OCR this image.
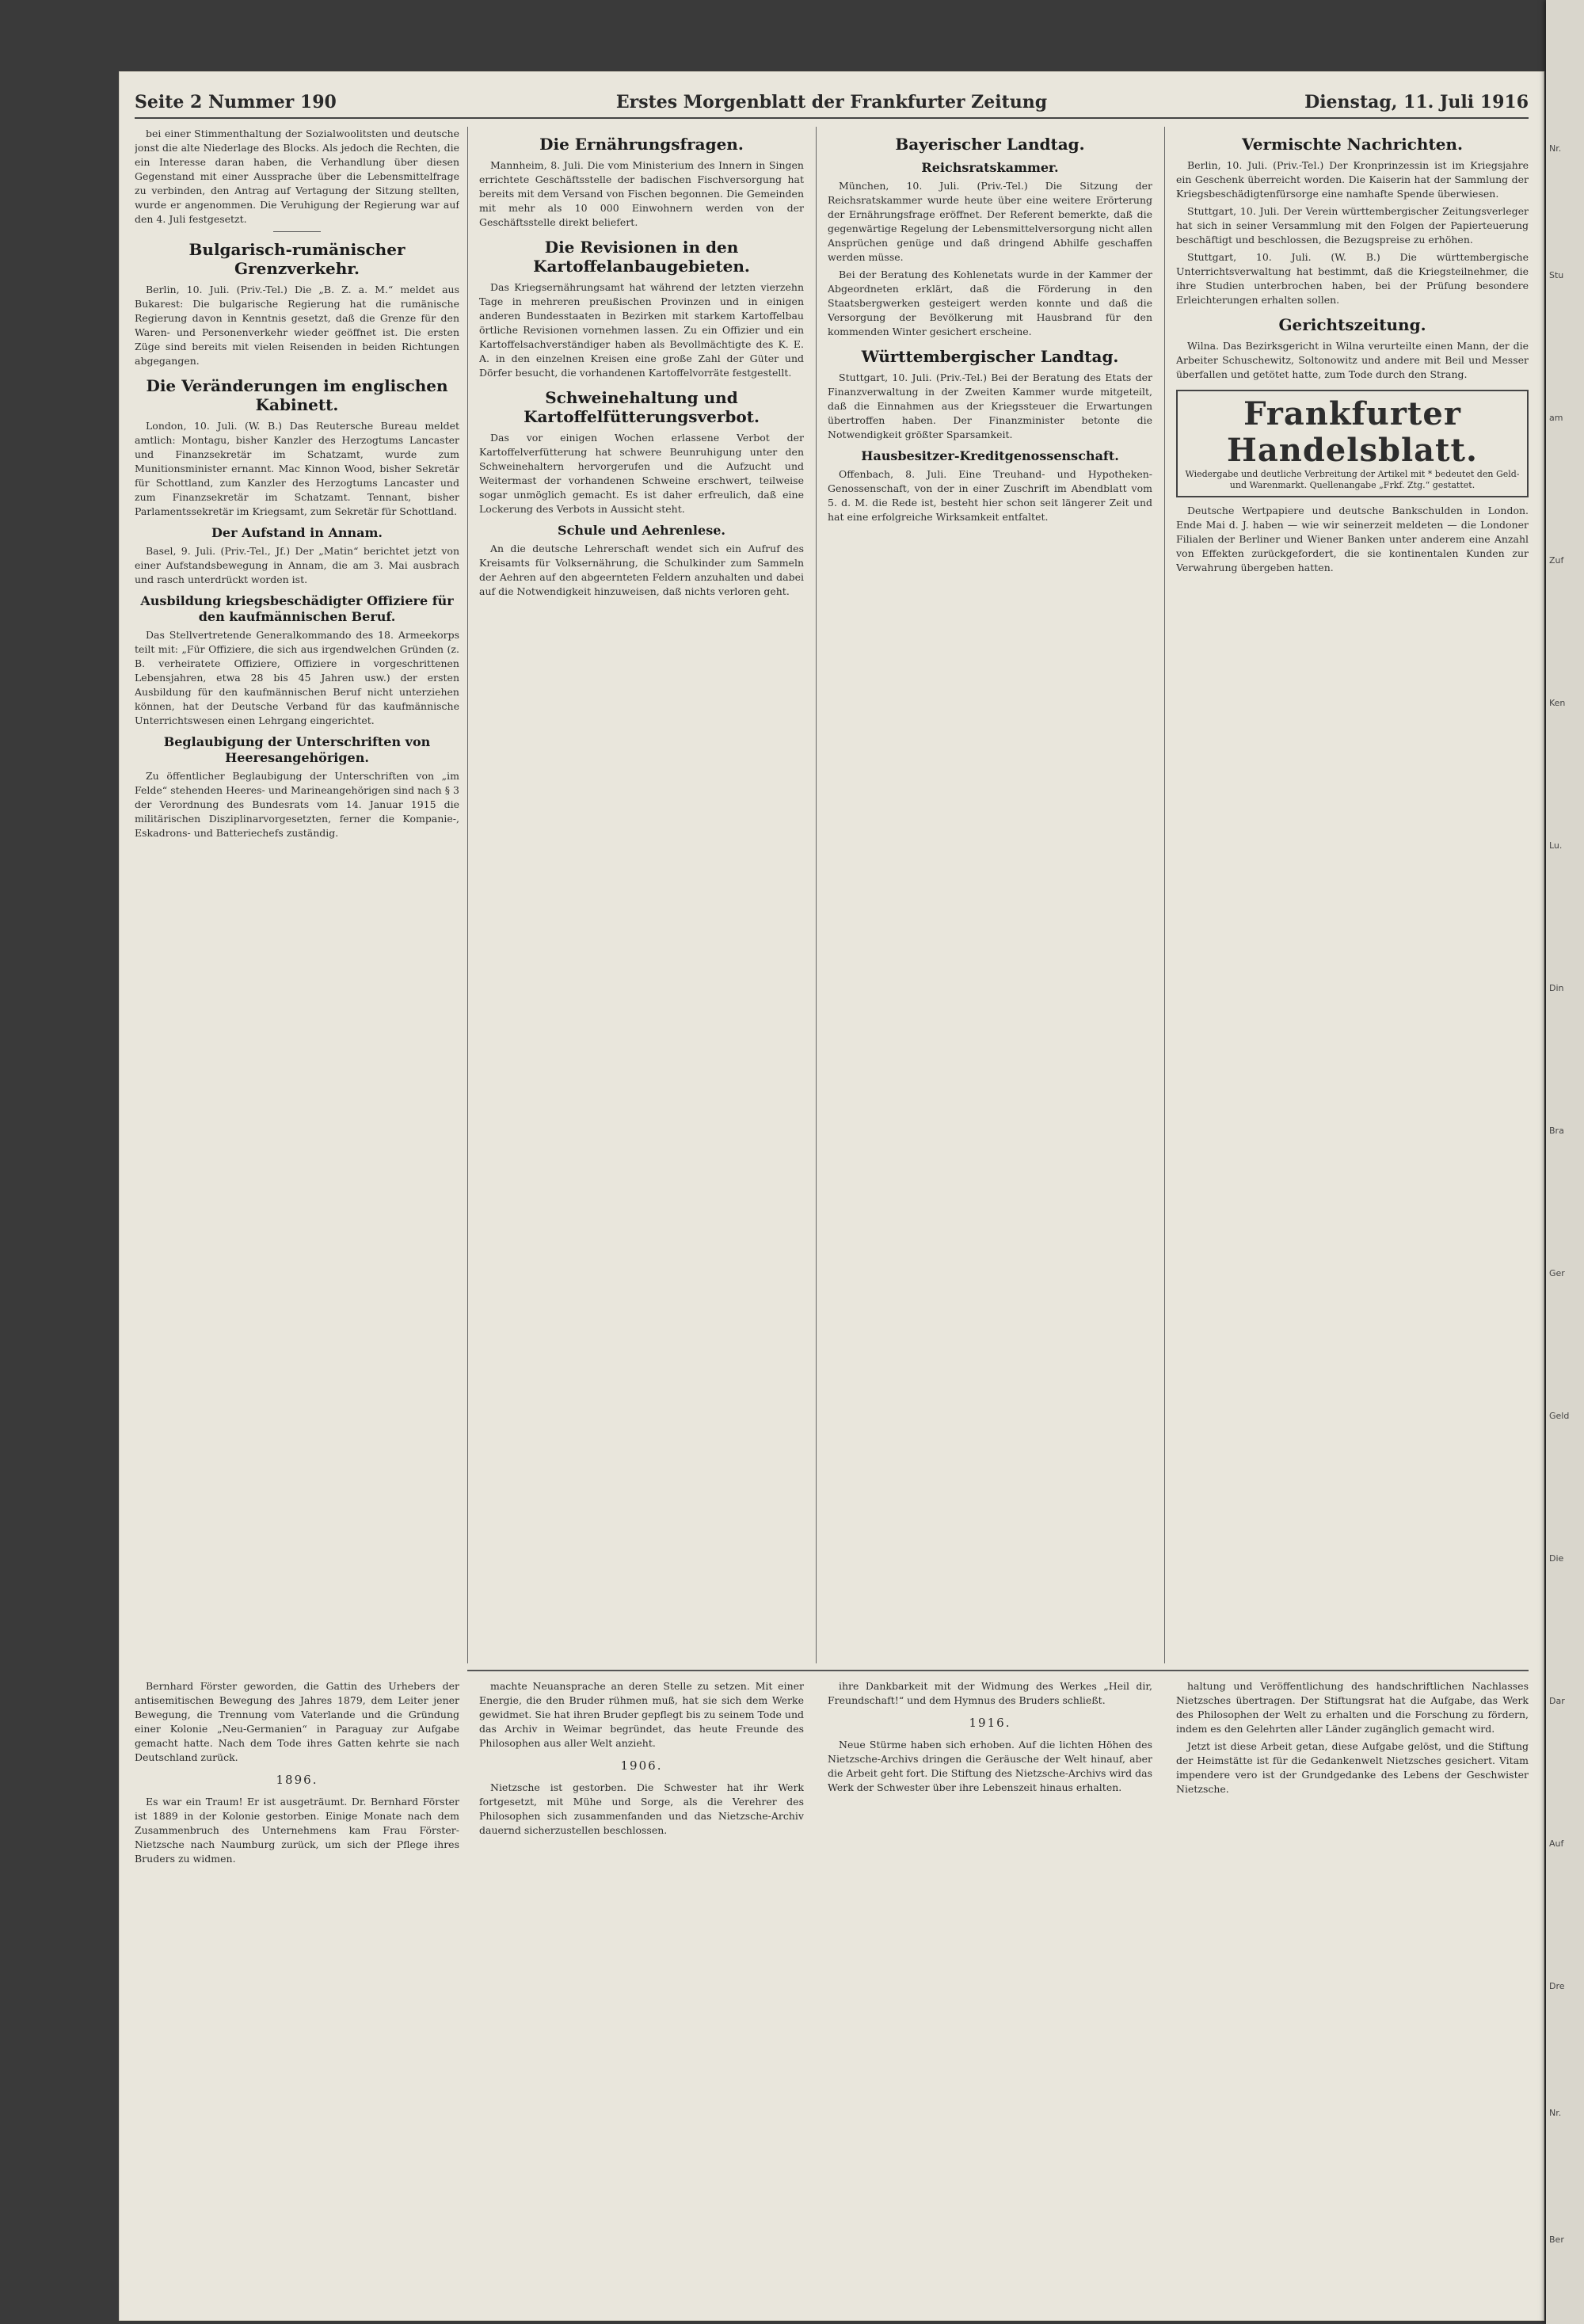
Seite 2 Nummer 190	Erstes Morgenblatt der Frankfurter Zeitung	Dienstag, 11. Juli 1916

bei einer Stimmenthaltung der Sozialwoolitsten und deutsche jonst die alte Niederlage des Blocks. Als jedoch die Rechten, die ein Interesse daran haben, die Verhandlung über diesen Gegenstand mit einer Aussprache über die Lebensmittelfrage zu verbinden, den Antrag auf Vertagung der Sitzung stellten, wurde er angenommen. Die Veruhigung der Regierung war auf den 4. Juli festgesetzt.

Bulgarisch-rumänischer Grenzverkehr.

Berlin, 10. Juli. (Priv.-Tel.) Die „B. Z. a. M.“ meldet aus Bukarest: Die bulgarische Regierung hat die rumänische Regierung davon in Kenntnis gesetzt, daß die Grenze für den Waren- und Personenverkehr wieder geöffnet ist. Die ersten Züge sind bereits mit vielen Reisenden in beiden Richtungen abgegangen.

Die Veränderungen im englischen Kabinett.

London, 10. Juli. (W. B.) Das Reutersche Bureau meldet amtlich: Montagu, bisher Kanzler des Herzogtums Lancaster und Finanzsekretär im Schatzamt, wurde zum Munitionsminister ernannt. Mac Kinnon Wood, bisher Sekretär für Schottland, zum Kanzler des Herzogtums Lancaster und zum Finanzsekretär im Schatzamt. Tennant, bisher Parlamentssekretär im Kriegsamt, zum Sekretär für Schottland.

Der Aufstand in Annam.

Basel, 9. Juli. (Priv.-Tel., Jf.) Der „Matin“ berichtet jetzt von einer Aufstandsbewegung in Annam, die am 3. Mai ausbrach und rasch unterdrückt worden ist.

Ausbildung kriegsbeschädigter Offiziere für den kaufmännischen Beruf.

Das Stellvertretende Generalkommando des 18. Armeekorps teilt mit: „Für Offiziere, die sich aus irgendwelchen Gründen (z. B. verheiratete Offiziere, Offiziere in vorgeschrittenen Lebensjahren, etwa 28 bis 45 Jahren usw.) der ersten Ausbildung für den kaufmännischen Beruf nicht unterziehen können, hat der Deutsche Verband für das kaufmännische Unterrichtswesen einen Lehrgang eingerichtet.

Beglaubigung der Unterschriften von Heeresangehörigen.

Zu öffentlicher Beglaubigung der Unterschriften von „im Felde“ stehenden Heeres- und Marineangehörigen sind nach § 3 der Verordnung des Bundesrats vom 14. Januar 1915 die militärischen Disziplinarvorgesetzten, ferner die Kompanie-, Eskadrons- und Batteriechefs zuständig.

Die Ernährungsfragen.

Mannheim, 8. Juli. Die vom Ministerium des Innern in Singen errichtete Geschäftsstelle der badischen Fischversorgung hat bereits mit dem Versand von Fischen begonnen. Die Gemeinden mit mehr als 10 000 Einwohnern werden von der Geschäftsstelle direkt beliefert.

Die Revisionen in den Kartoffelanbaugebieten.

Das Kriegsernährungsamt hat während der letzten vierzehn Tage in mehreren preußischen Provinzen und in einigen anderen Bundesstaaten in Bezirken mit starkem Kartoffelbau örtliche Revisionen vornehmen lassen. Zu ein Offizier und ein Kartoffelsachverständiger haben als Bevollmächtigte des K. E. A. in den einzelnen Kreisen eine große Zahl der Güter und Dörfer besucht, die vorhandenen Kartoffelvorräte festgestellt.

Schweinehaltung und Kartoffelfütterungsverbot.

Das vor einigen Wochen erlassene Verbot der Kartoffelverfütterung hat schwere Beunruhigung unter den Schweinehaltern hervorgerufen und die Aufzucht und Weitermast der vorhandenen Schweine erschwert, teilweise sogar unmöglich gemacht. Es ist daher erfreulich, daß eine Lockerung des Verbots in Aussicht steht.

Schule und Aehrenlese.

An die deutsche Lehrerschaft wendet sich ein Aufruf des Kreisamts für Volksernährung, die Schulkinder zum Sammeln der Aehren auf den abgeernteten Feldern anzuhalten und dabei auf die Notwendigkeit hinzuweisen, daß nichts verloren geht.

Bayerischer Landtag.
Reichsratskammer.

München, 10. Juli. (Priv.-Tel.) Die Sitzung der Reichsratskammer wurde heute über eine weitere Erörterung der Ernährungsfrage eröffnet. Der Referent bemerkte, daß die gegenwärtige Regelung der Lebensmittelversorgung nicht allen Ansprüchen genüge und daß dringend Abhilfe geschaffen werden müsse.

Bei der Beratung des Kohlenetats wurde in der Kammer der Abgeordneten erklärt, daß die Förderung in den Staatsbergwerken gesteigert werden konnte und daß die Versorgung der Bevölkerung mit Hausbrand für den kommenden Winter gesichert erscheine.

Württembergischer Landtag.

Stuttgart, 10. Juli. (Priv.-Tel.) Bei der Beratung des Etats der Finanzverwaltung in der Zweiten Kammer wurde mitgeteilt, daß die Einnahmen aus der Kriegssteuer die Erwartungen übertroffen haben. Der Finanzminister betonte die Notwendigkeit größter Sparsamkeit.

Hausbesitzer-Kreditgenossenschaft.

Offenbach, 8. Juli. Eine Treuhand- und Hypotheken-Genossenschaft, von der in einer Zuschrift im Abendblatt vom 5. d. M. die Rede ist, besteht hier schon seit längerer Zeit und hat eine erfolgreiche Wirksamkeit entfaltet.

Vermischte Nachrichten.

Berlin, 10. Juli. (Priv.-Tel.) Der Kronprinzessin ist im Kriegsjahre ein Geschenk überreicht worden. Die Kaiserin hat der Sammlung der Kriegsbeschädigtenfürsorge eine namhafte Spende überwiesen.

Stuttgart, 10. Juli. Der Verein württembergischer Zeitungsverleger hat sich in seiner Versammlung mit den Folgen der Papierteuerung beschäftigt und beschlossen, die Bezugspreise zu erhöhen.

Stuttgart, 10. Juli. (W. B.) Die württembergische Unterrichtsverwaltung hat bestimmt, daß die Kriegsteilnehmer, die ihre Studien unterbrochen haben, bei der Prüfung besondere Erleichterungen erhalten sollen.

Gerichtszeitung.

Wilna. Das Bezirksgericht in Wilna verurteilte einen Mann, der die Arbeiter Schuschewitz, Soltonowitz und andere mit Beil und Messer überfallen und getötet hatte, zum Tode durch den Strang.

Frankfurter Handelsblatt.
Wiedergabe und deutliche Verbreitung der Artikel mit * bedeutet den Geld- und Warenmarkt. Quellenangabe „Frkf. Ztg.“ gestattet.

Deutsche Wertpapiere und deutsche Bankschulden in London. Ende Mai d. J. haben — wie wir seinerzeit meldeten — die Londoner Filialen der Berliner und Wiener Banken unter anderem eine Anzahl von Effekten zurückgefordert, die sie kontinentalen Kunden zur Verwahrung übergeben hatten.

Bernhard Förster geworden, die Gattin des Urhebers der antisemitischen Bewegung des Jahres 1879, dem Leiter jener Bewegung, die Trennung vom Vaterlande und die Gründung einer Kolonie „Neu-Germanien“ in Paraguay zur Aufgabe gemacht hatte. Nach dem Tode ihres Gatten kehrte sie nach Deutschland zurück.

1896.

Es war ein Traum! Er ist ausgeträumt. Dr. Bernhard Förster ist 1889 in der Kolonie gestorben. Einige Monate nach dem Zusammenbruch des Unternehmens kam Frau Förster-Nietzsche nach Naumburg zurück, um sich der Pflege ihres Bruders zu widmen.

machte Neuansprache an deren Stelle zu setzen. Mit einer Energie, die den Bruder rühmen muß, hat sie sich dem Werke gewidmet. Sie hat ihren Bruder gepflegt bis zu seinem Tode und das Archiv in Weimar begründet, das heute Freunde des Philosophen aus aller Welt anzieht.

1906.

Nietzsche ist gestorben. Die Schwester hat ihr Werk fortgesetzt, mit Mühe und Sorge, als die Verehrer des Philosophen sich zusammenfanden und das Nietzsche-Archiv dauernd sicherzustellen beschlossen.

ihre Dankbarkeit mit der Widmung des Werkes „Heil dir, Freundschaft!“ und dem Hymnus des Bruders schließt.

1916.

Neue Stürme haben sich erhoben. Auf die lichten Höhen des Nietzsche-Archivs dringen die Geräusche der Welt hinauf, aber die Arbeit geht fort. Die Stiftung des Nietzsche-Archivs wird das Werk der Schwester über ihre Lebenszeit hinaus erhalten.

haltung und Veröffentlichung des handschriftlichen Nachlasses Nietzsches übertragen. Der Stiftungsrat hat die Aufgabe, das Werk des Philosophen der Welt zu erhalten und die Forschung zu fördern, indem es den Gelehrten aller Länder zugänglich gemacht wird.

Jetzt ist diese Arbeit getan, diese Aufgabe gelöst, und die Stiftung der Heimstätte ist für die Gedankenwelt Nietzsches gesichert. Vitam impendere vero ist der Grundgedanke des Lebens der Geschwister Nietzsche.

Nr.
Stu
am
Zuf
Ken
Lu.
Din
Bra
Ger
Geld
Die
Dar
Auf
Dre
Nr.
Ber
